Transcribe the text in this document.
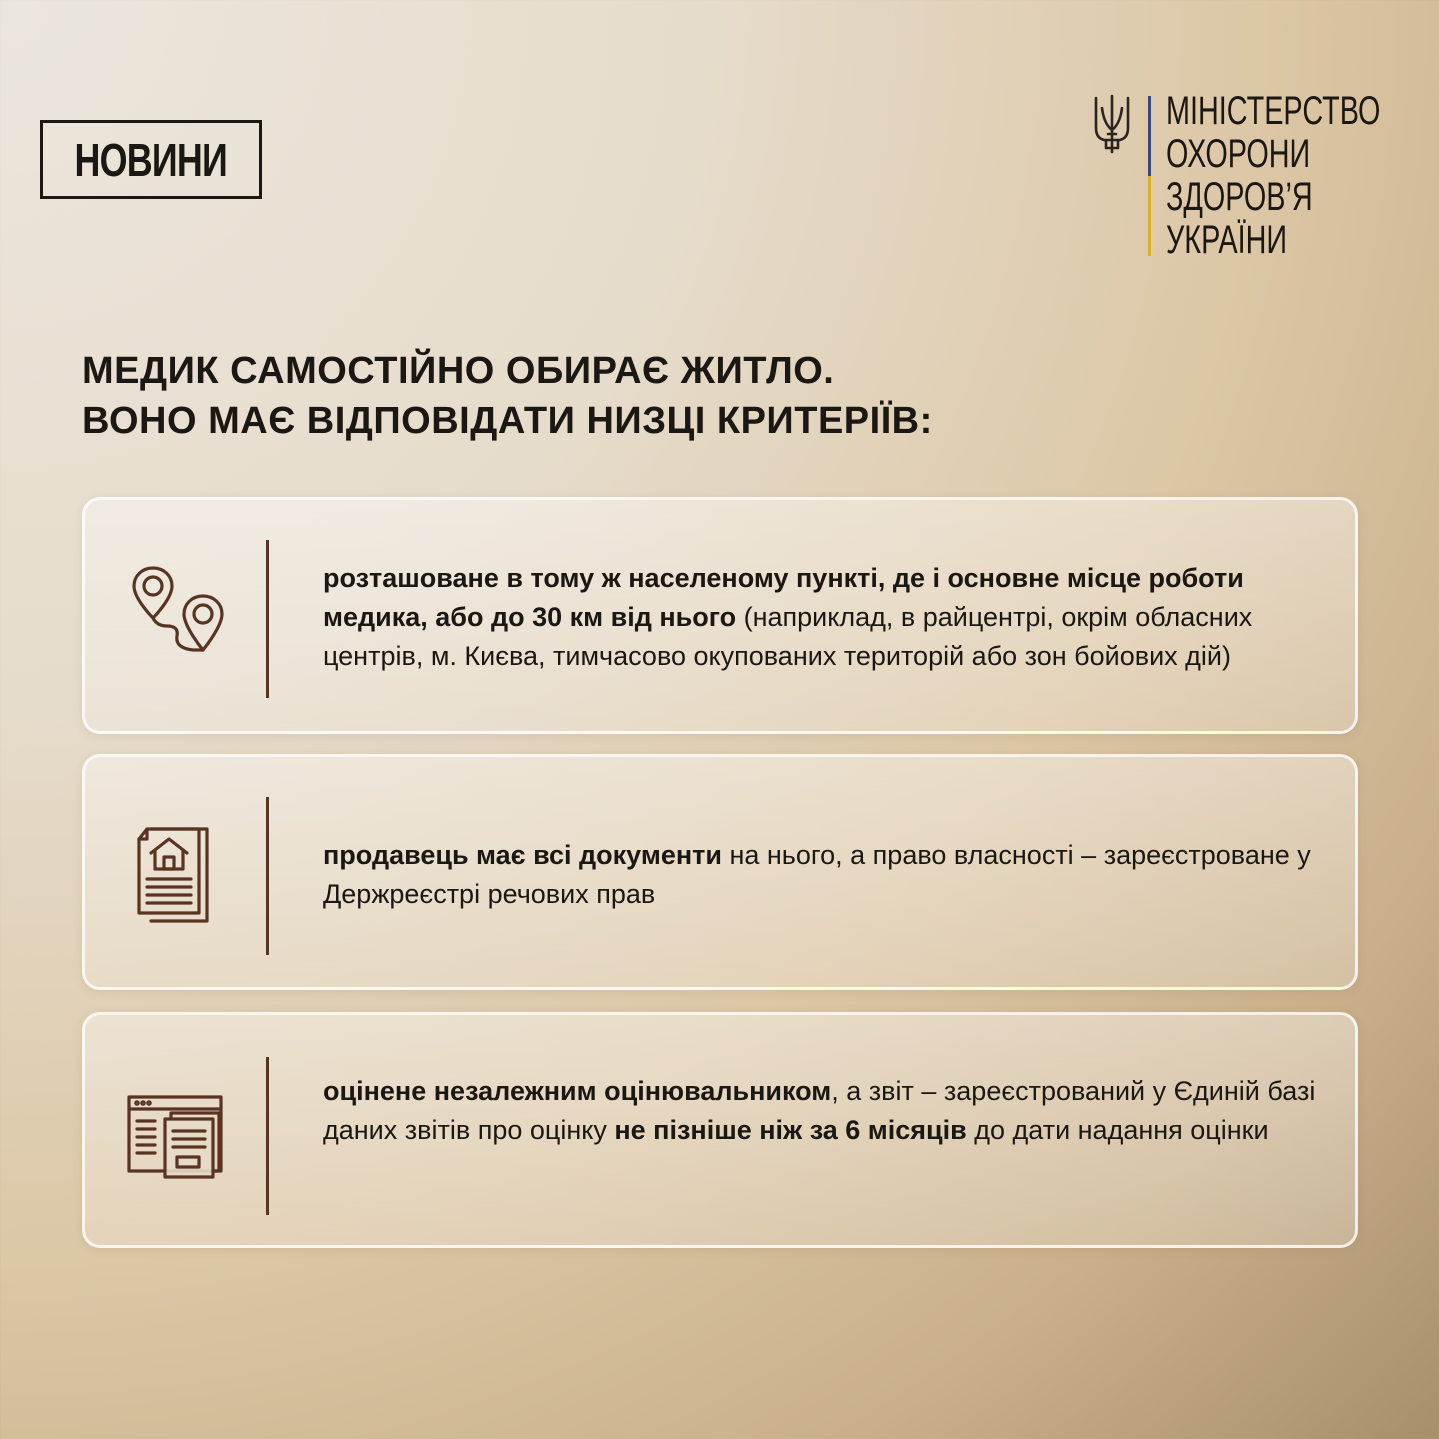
НОВИНИ
МІНІСТЕРСТВО
ОХОРОНИ
ЗДОРОВ’Я
УКРАЇНИ
МЕДИК САМОСТІЙНО ОБИРАЄ ЖИТЛО.
ВОНО МАЄ ВІДПОВІДАТИ НИЗЦІ КРИТЕРІЇВ:
розташоване в тому ж населеному пункті, де і основне місце роботи медика, або до 30 км від нього (наприклад, в райцентрі, окрім обласних центрів, м. Києва, тимчасово окупованих територій або зон бойових дій)
продавець має всі документи на нього, а право власності – зареєстроване у Держреєстрі речових прав
оцінене незалежним оцінювальником, а звіт – зареєстрований у Єдиній базі даних звітів про оцінку не пізніше ніж за 6 місяців до дати надання оцінки
